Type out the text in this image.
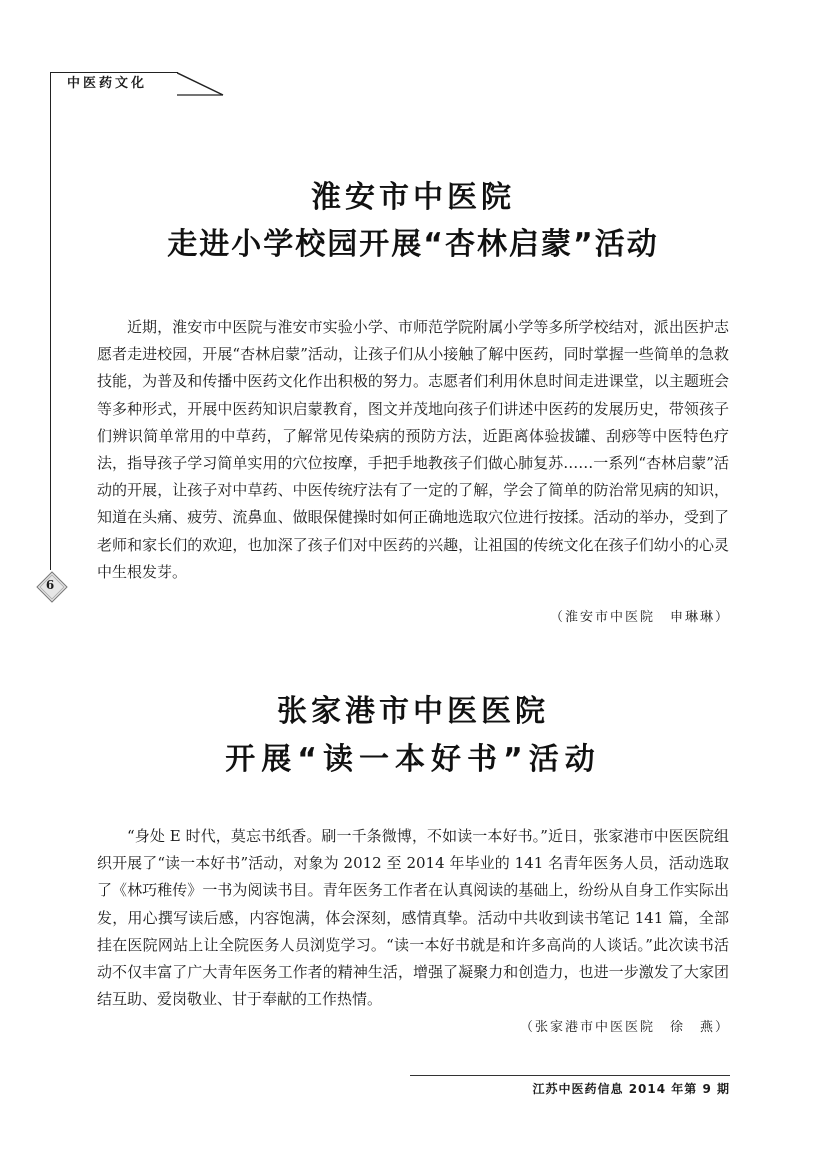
中医药文化
6
淮安市中医院
走进小学校园开展“杏林启蒙”活动

近期，淮安市中医院与淮安市实验小学、市师范学院附属小学等多所学校结对，派出医护志愿者走进校园，开展“杏林启蒙”活动，让孩子们从小接触了解中医药，同时掌握一些简单的急救技能，为普及和传播中医药文化作出积极的努力。志愿者们利用休息时间走进课堂，以主题班会等多种形式，开展中医药知识启蒙教育，图文并茂地向孩子们讲述中医药的发展历史，带领孩子们辨识简单常用的中草药，了解常见传染病的预防方法，近距离体验拔罐、刮痧等中医特色疗法，指导孩子学习简单实用的穴位按摩，手把手地教孩子们做心肺复苏……一系列“杏林启蒙”活动的开展，让孩子对中草药、中医传统疗法有了一定的了解，学会了简单的防治常见病的知识，知道在头痛、疲劳、流鼻血、做眼保健操时如何正确地选取穴位进行按揉。活动的举办，受到了老师和家长们的欢迎，也加深了孩子们对中医药的兴趣，让祖国的传统文化在孩子们幼小的心灵中生根发芽。

（淮安市中医院　申琳琳）
张家港市中医医院
开展“读一本好书”活动

“身处 E 时代，莫忘书纸香。刷一千条微博，不如读一本好书。”近日，张家港市中医医院组织开展了“读一本好书”活动，对象为 2012 至 2014 年毕业的 141 名青年医务人员，活动选取了《林巧稚传》一书为阅读书目。青年医务工作者在认真阅读的基础上，纷纷从自身工作实际出发，用心撰写读后感，内容饱满，体会深刻，感情真挚。活动中共收到读书笔记 141 篇，全部挂在医院网站上让全院医务人员浏览学习。“读一本好书就是和许多高尚的人谈话。”此次读书活动不仅丰富了广大青年医务工作者的精神生活，增强了凝聚力和创造力，也进一步激发了大家团结互助、爱岗敬业、甘于奉献的工作热情。

（张家港市中医医院　徐　燕）
江苏中医药信息 2014 年第 9 期
